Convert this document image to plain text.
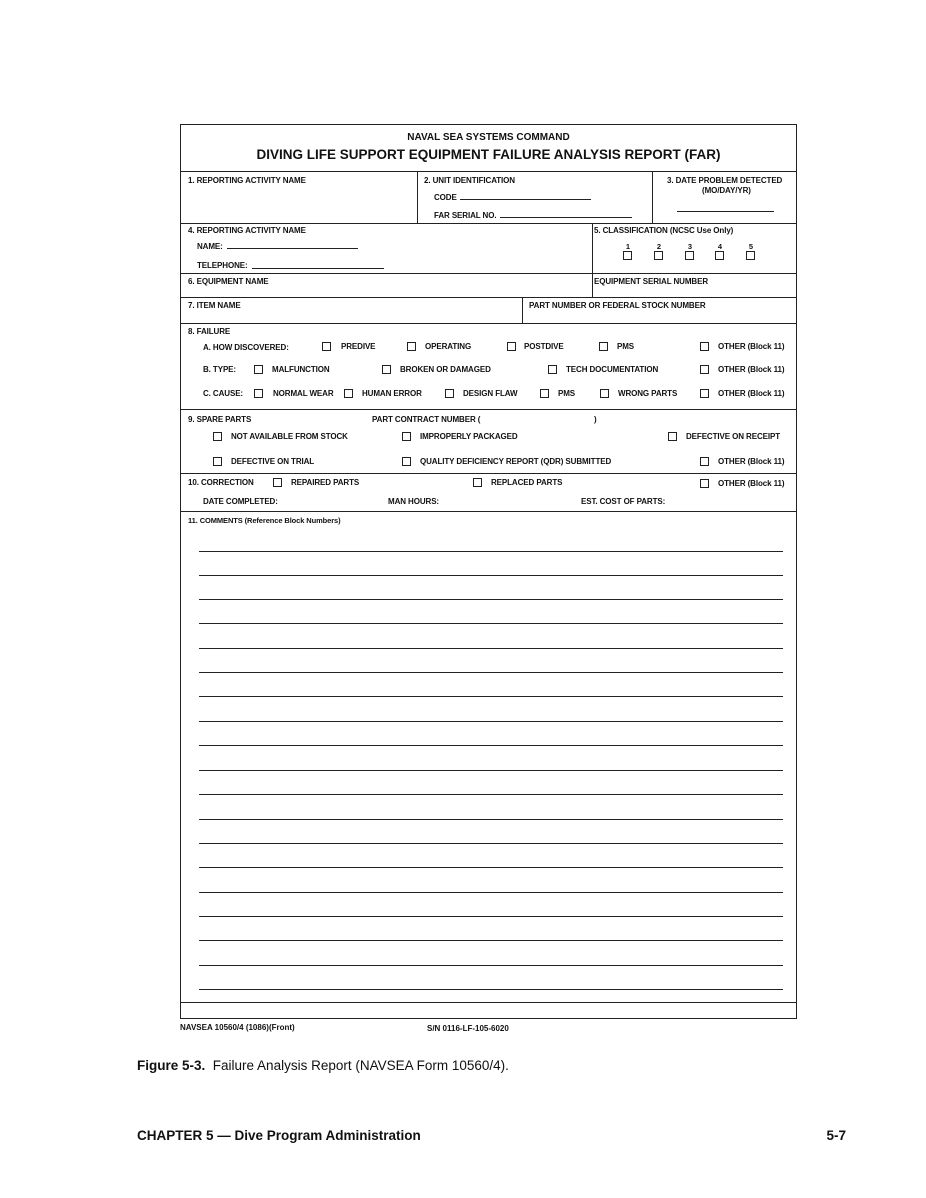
NAVAL SEA SYSTEMS COMMAND
DIVING LIFE SUPPORT EQUIPMENT FAILURE ANALYSIS REPORT (FAR)
1. REPORTING ACTIVITY NAME	2. UNIT IDENTIFICATION
CODE
FAR SERIAL NO.
3. DATE PROBLEM DETECTED
(MO/DAY/YR)
4. REPORTING ACTIVITY NAME
NAME:
TELEPHONE:
5. CLASSIFICATION (NCSC Use Only)
1	2	3	4	5
6. EQUIPMENT NAME	EQUIPMENT SERIAL NUMBER
7. ITEM NAME	PART NUMBER OR FEDERAL STOCK NUMBER
8. FAILURE
A. HOW DISCOVERED:	PREDIVE	OPERATING	POSTDIVE	PMS	OTHER (Block 11)
B. TYPE:	MALFUNCTION	BROKEN OR DAMAGED	TECH DOCUMENTATION	OTHER (Block 11)
C. CAUSE:	NORMAL WEAR	HUMAN ERROR	DESIGN FLAW	PMS	WRONG PARTS	OTHER (Block 11)
9. SPARE PARTS	PART CONTRACT NUMBER (	)
NOT AVAILABLE FROM STOCK	IMPROPERLY PACKAGED	DEFECTIVE ON RECEIPT
DEFECTIVE ON TRIAL	QUALITY DEFICIENCY REPORT (QDR) SUBMITTED	OTHER (Block 11)
10. CORRECTION	REPAIRED PARTS	REPLACED PARTS	OTHER (Block 11)
DATE COMPLETED:	MAN HOURS:	EST. COST OF PARTS:
11. COMMENTS (Reference Block Numbers)
NAVSEA 10560/4 (1086)(Front)	S/N 0116-LF-105-6020
Figure 5-3. Failure Analysis Report (NAVSEA Form 10560/4).
CHAPTER 5 — Dive Program Administration	5-7
